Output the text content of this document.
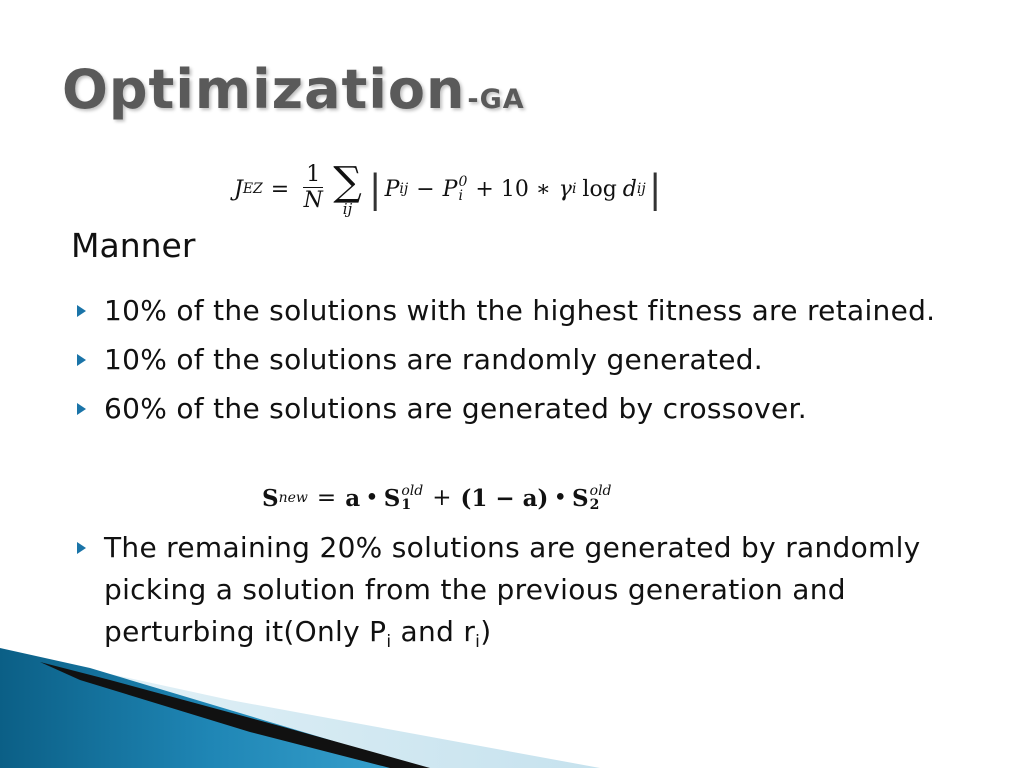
Optimization-GA
J EZ = $\frac{1}{N}$ ∑
ij | P ij − P 0
i + 10 ∗ γ i log d ij |
Manner
10% of the solutions with the highest fitness are retained.
10% of the solutions are randomly generated.
60% of the solutions are generated by crossover.
S new = a • S old
1 + (1 − a) • S old
2
The remaining 20% solutions are generated by randomly picking a solution from the previous generation and perturbing it(Only $P_i$ and $r_i$)
